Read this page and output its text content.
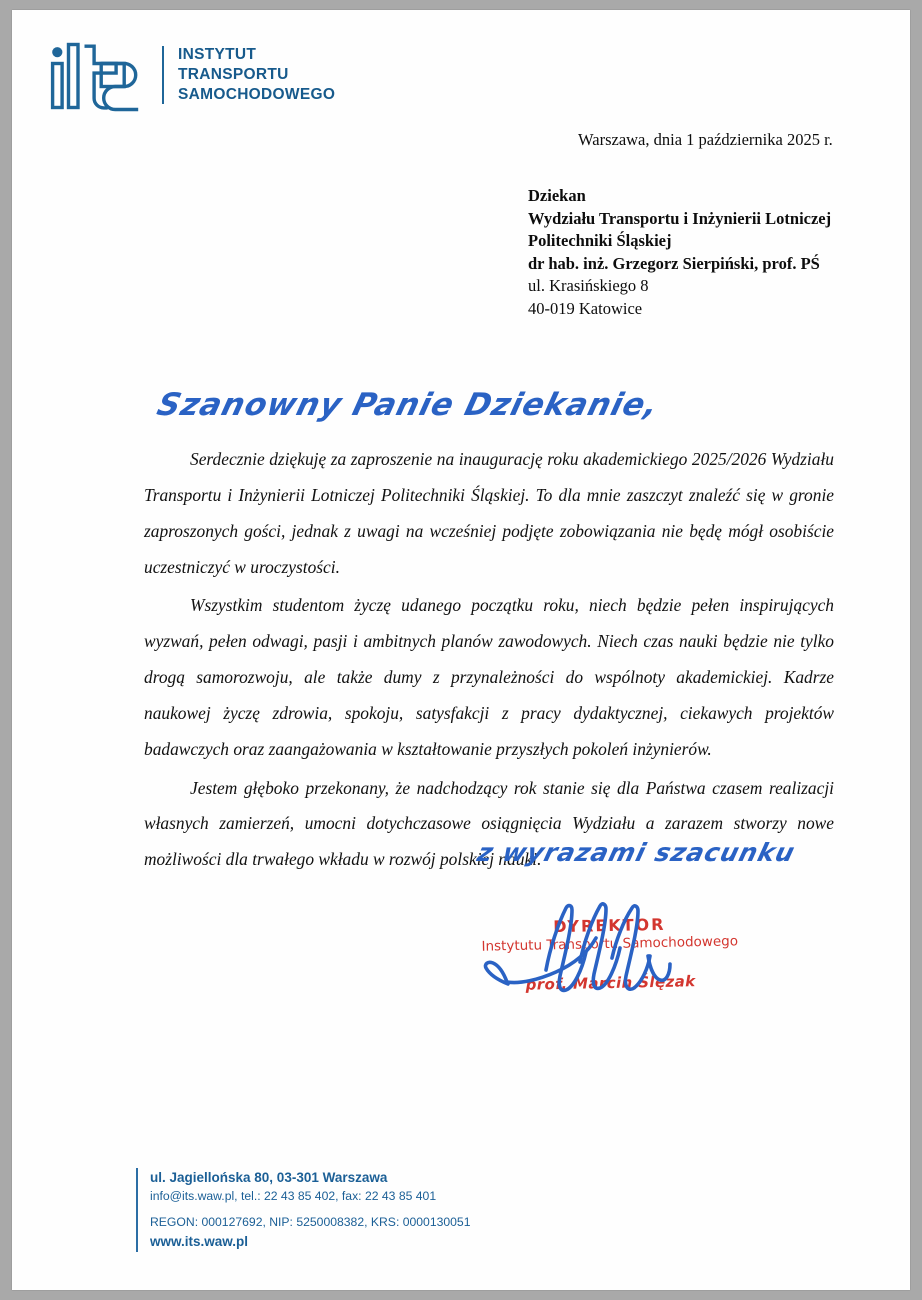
INSTYTUT
TRANSPORTU
SAMOCHODOWEGO
Warszawa, dnia 1 października 2025 r.
Dziekan
Wydziału Transportu i Inżynierii Lotniczej
Politechniki Śląskiej
dr hab. inż. Grzegorz Sierpiński, prof. PŚ
ul. Krasińskiego 8
40-019 Katowice
Szanowny Panie Dziekanie,

Serdecznie dziękuję za zaproszenie na inaugurację roku akademickiego 2025/2026 Wydziału Transportu i Inżynierii Lotniczej Politechniki Śląskiej. To dla mnie zaszczyt znaleźć się w gronie zaproszonych gości, jednak z uwagi na wcześniej podjęte zobowiązania nie będę mógł osobiście uczestniczyć w uroczystości.

Wszystkim studentom życzę udanego początku roku, niech będzie pełen inspirujących wyzwań, pełen odwagi, pasji i ambitnych planów zawodowych. Niech czas nauki będzie nie tylko drogą samorozwoju, ale także dumy z przynależności do wspólnoty akademickiej. Kadrze naukowej życzę zdrowia, spokoju, satysfakcji z pracy dydaktycznej, ciekawych projektów badawczych oraz zaangażowania w kształtowanie przyszłych pokoleń inżynierów.

Jestem głęboko przekonany, że nadchodzący rok stanie się dla Państwa czasem realizacji własnych zamierzeń, umocni dotychczasowe osiągnięcia Wydziału a zarazem stworzy nowe możliwości dla trwałego wkładu w rozwój polskiej nauki.

z wyrazami szacunku
DYREKTOR
Instytutu Transportu Samochodowego
prof. Marcin Ślęzak
ul. Jagiellońska 80, 03-301 Warszawa
info@its.waw.pl, tel.: 22 43 85 402, fax: 22 43 85 401
REGON: 000127692, NIP: 5250008382, KRS: 0000130051
www.its.waw.pl
